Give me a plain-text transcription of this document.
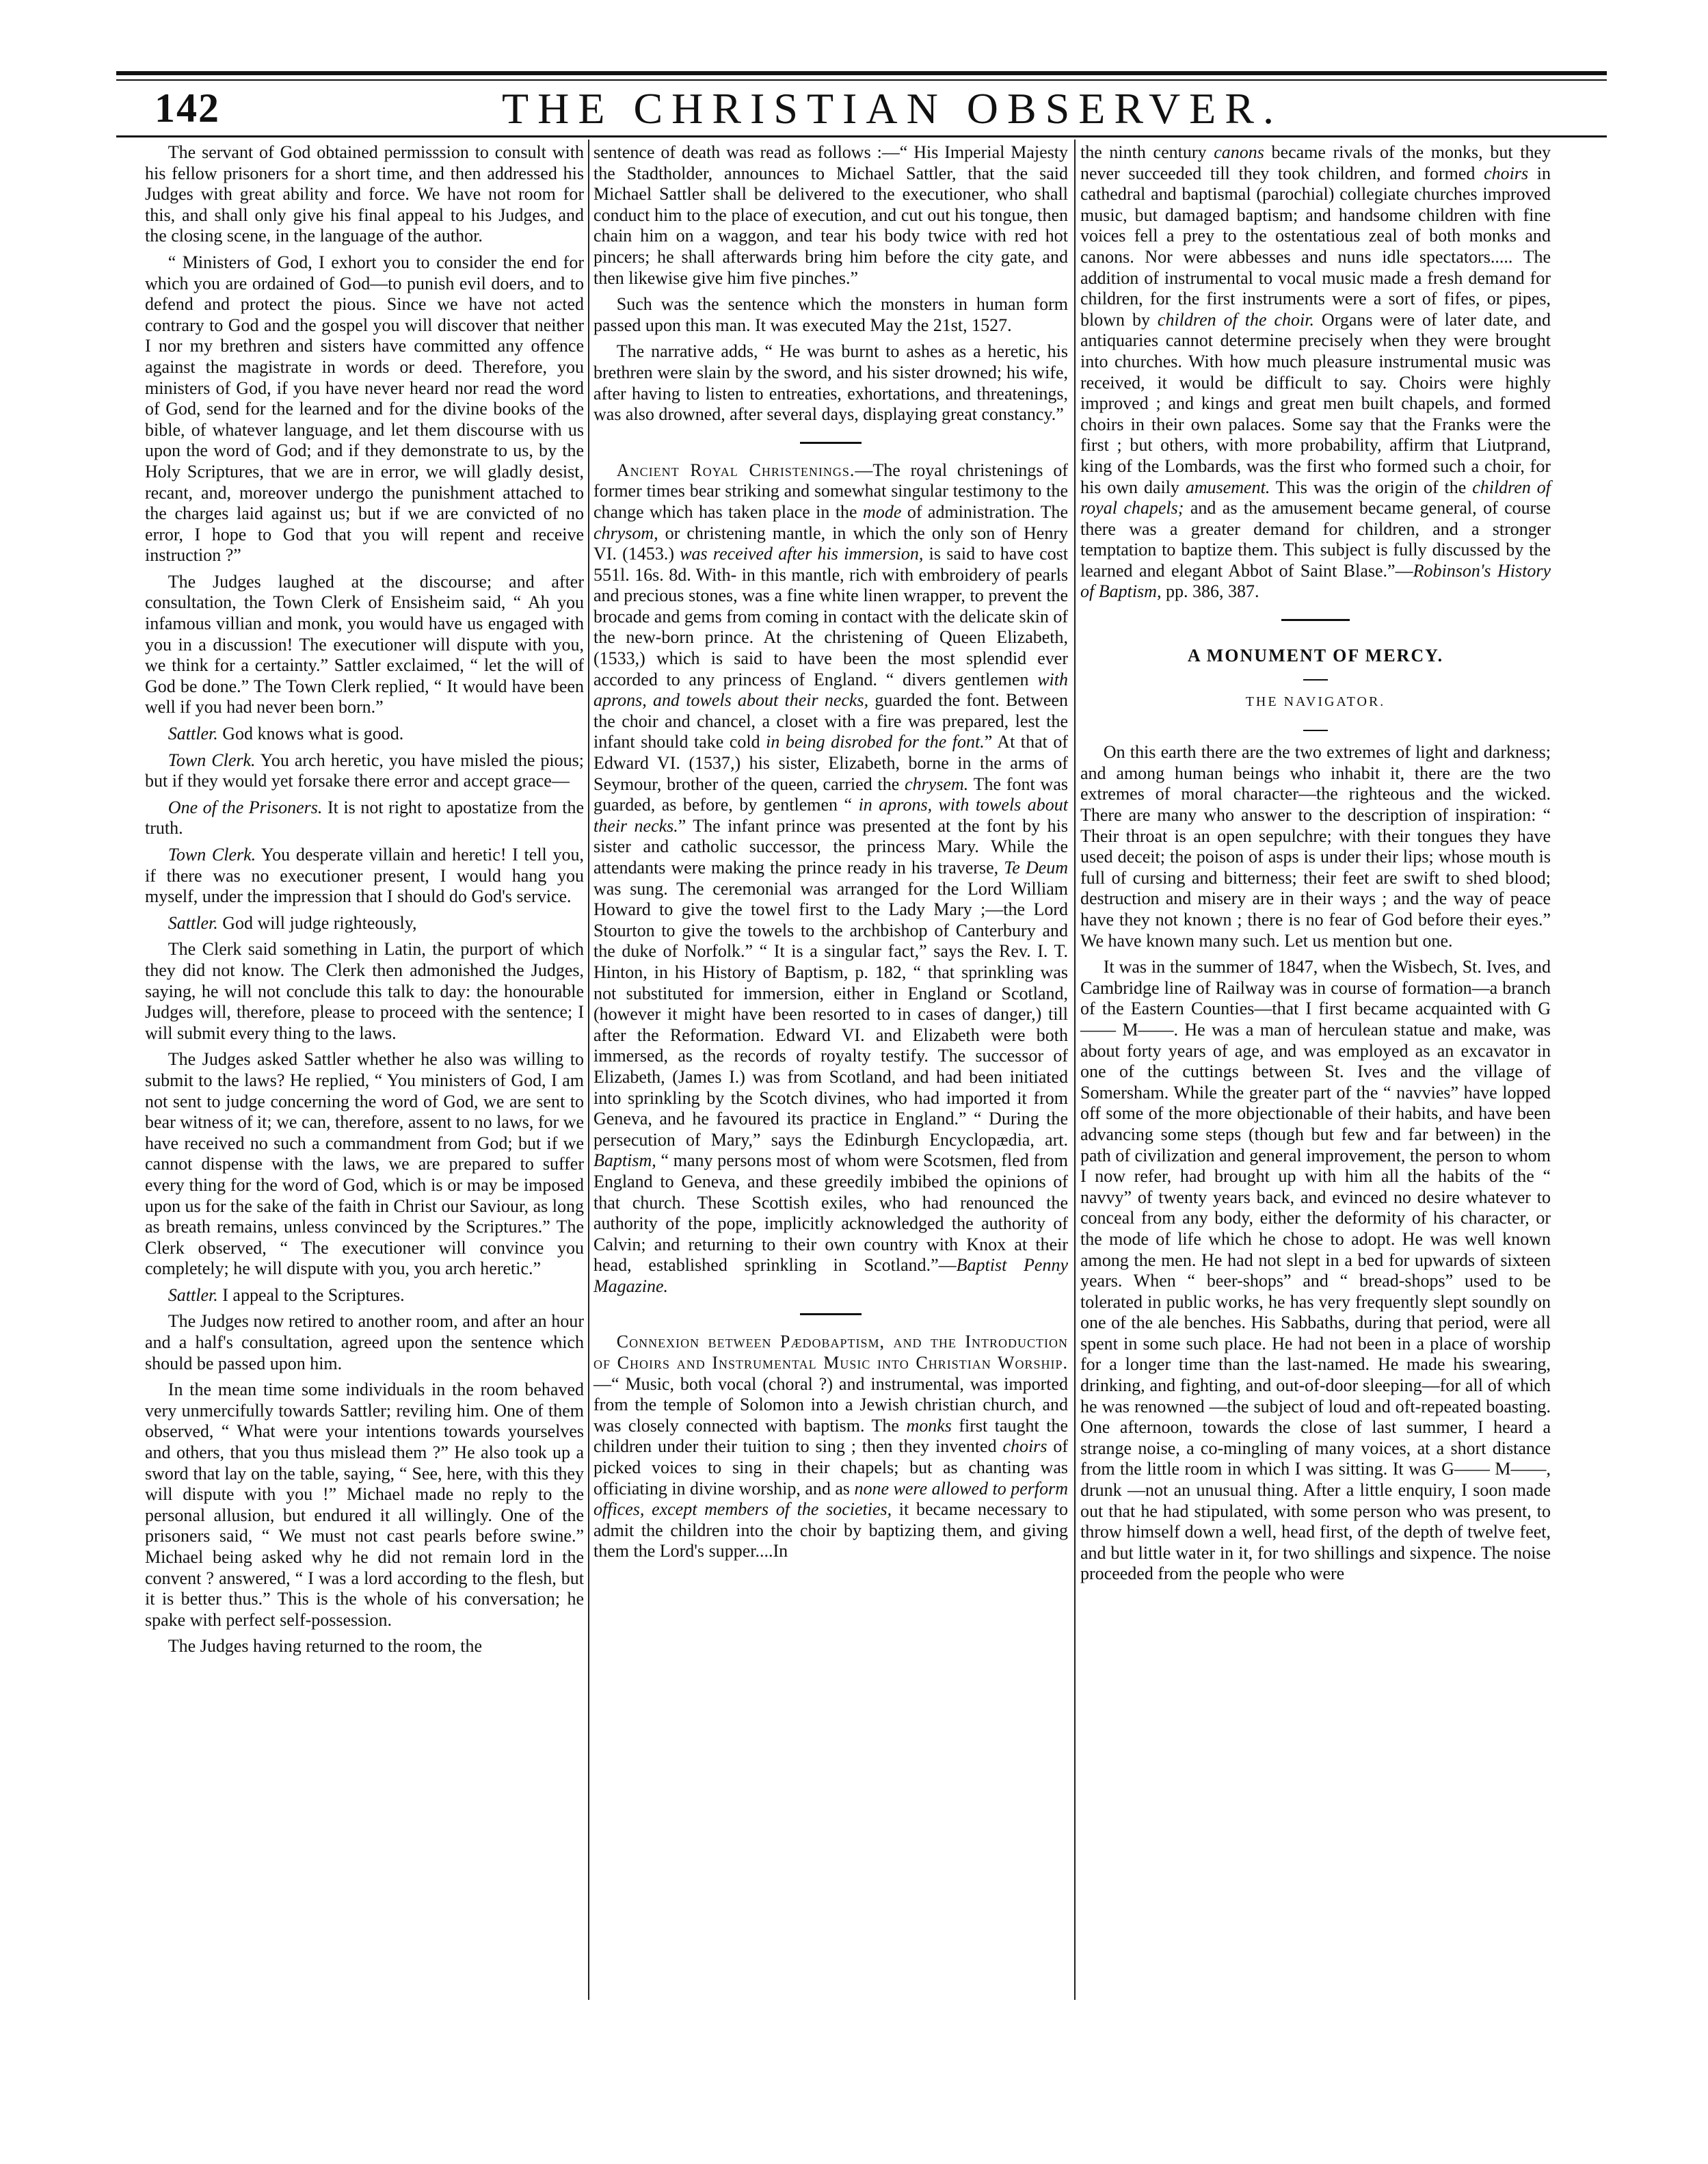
142	THE CHRISTIAN OBSERVER.

The servant of God obtained permisssion to consult with his fellow prisoners for a short time, and then addressed his Judges with great ability and force. We have not room for this, and shall only give his final appeal to his Judges, and the closing scene, in the language of the author.

“ Ministers of God, I exhort you to consider the end for which you are ordained of God—to punish evil doers, and to defend and protect the pious. Since we have not acted contrary to God and the gospel you will discover that neither I nor my brethren and sisters have committed any offence against the magistrate in words or deed. Therefore, you ministers of God, if you have never heard nor read the word of God, send for the learned and for the divine books of the bible, of whatever language, and let them discourse with us upon the word of God; and if they demonstrate to us, by the Holy Scriptures, that we are in error, we will gladly desist, recant, and, moreover undergo the punishment attached to the charges laid against us; but if we are convicted of no error, I hope to God that you will repent and receive instruction ?”

The Judges laughed at the discourse; and after consultation, the Town Clerk of Ensisheim said, “ Ah you infamous villian and monk, you would have us engaged with you in a discussion! The executioner will dispute with you, we think for a certainty.” Sattler exclaimed, “ let the will of God be done.” The Town Clerk replied, “ It would have been well if you had never been born.”

Sattler. God knows what is good.

Town Clerk. You arch heretic, you have misled the pious; but if they would yet forsake there error and accept grace—

One of the Prisoners. It is not right to apostatize from the truth.

Town Clerk. You desperate villain and heretic! I tell you, if there was no executioner present, I would hang you myself, under the impression that I should do God's service.

Sattler. God will judge righteously,

The Clerk said something in Latin, the purport of which they did not know. The Clerk then admonished the Judges, saying, he will not conclude this talk to day: the honourable Judges will, therefore, please to proceed with the sentence; I will submit every thing to the laws.

The Judges asked Sattler whether he also was willing to submit to the laws? He replied, “ You ministers of God, I am not sent to judge concerning the word of God, we are sent to bear witness of it; we can, therefore, assent to no laws, for we have received no such a commandment from God; but if we cannot dispense with the laws, we are prepared to suffer every thing for the word of God, which is or may be imposed upon us for the sake of the faith in Christ our Saviour, as long as breath remains, unless convinced by the Scriptures.” The Clerk observed, “ The executioner will convince you completely; he will dispute with you, you arch heretic.”

Sattler. I appeal to the Scriptures.

The Judges now retired to another room, and after an hour and a half's consultation, agreed upon the sentence which should be passed upon him.

In the mean time some individuals in the room behaved very unmercifully towards Sattler; reviling him. One of them observed, “ What were your intentions towards yourselves and others, that you thus mislead them ?” He also took up a sword that lay on the table, saying, “ See, here, with this they will dispute with you !” Michael made no reply to the personal allusion, but endured it all willingly. One of the prisoners said, “ We must not cast pearls before swine.” Michael being asked why he did not remain lord in the convent ? answered, “ I was a lord according to the flesh, but it is better thus.” This is the whole of his conversation; he spake with perfect self-possession.

The Judges having returned to the room, the

sentence of death was read as follows :—“ His Imperial Majesty the Stadtholder, announces to Michael Sattler, that the said Michael Sattler shall be delivered to the executioner, who shall conduct him to the place of execution, and cut out his tongue, then chain him on a waggon, and tear his body twice with red hot pincers; he shall afterwards bring him before the city gate, and then likewise give him five pinches.”

Such was the sentence which the monsters in human form passed upon this man. It was executed May the 21st, 1527.

The narrative adds, “ He was burnt to ashes as a heretic, his brethren were slain by the sword, and his sister drowned; his wife, after having to listen to entreaties, exhortations, and threatenings, was also drowned, after several days, displaying great constancy.”

Ancient Royal Christenings.—The royal christenings of former times bear striking and somewhat singular testimony to the change which has taken place in the mode of administration. The chrysom, or christening mantle, in which the only son of Henry VI. (1453.) was received after his immersion, is said to have cost 551l. 16s. 8d. With- in this mantle, rich with embroidery of pearls and precious stones, was a fine white linen wrapper, to prevent the brocade and gems from coming in contact with the delicate skin of the new-born prince. At the christening of Queen Elizabeth, (1533,) which is said to have been the most splendid ever accorded to any princess of England. “ divers gentlemen with aprons, and towels about their necks, guarded the font. Between the choir and chancel, a closet with a fire was prepared, lest the infant should take cold in being disrobed for the font.” At that of Edward VI. (1537,) his sister, Elizabeth, borne in the arms of Seymour, brother of the queen, carried the chrysem. The font was guarded, as before, by gentlemen “ in aprons, with towels about their necks.” The infant prince was presented at the font by his sister and catholic successor, the princess Mary. While the attendants were making the prince ready in his traverse, Te Deum was sung. The ceremonial was arranged for the Lord William Howard to give the towel first to the Lady Mary ;—the Lord Stourton to give the towels to the archbishop of Canterbury and the duke of Norfolk.” “ It is a singular fact,” says the Rev. I. T. Hinton, in his History of Baptism, p. 182, “ that sprinkling was not substituted for immersion, either in England or Scotland, (however it might have been resorted to in cases of danger,) till after the Reformation. Edward VI. and Elizabeth were both immersed, as the records of royalty testify. The successor of Elizabeth, (James I.) was from Scotland, and had been initiated into sprinkling by the Scotch divines, who had imported it from Geneva, and he favoured its practice in England.” “ During the persecution of Mary,” says the Edinburgh Encyclopædia, art. Baptism, “ many persons most of whom were Scotsmen, fled from England to Geneva, and these greedily imbibed the opinions of that church. These Scottish exiles, who had renounced the authority of the pope, implicitly acknowledged the authority of Calvin; and returning to their own country with Knox at their head, established sprinkling in Scotland.”—Baptist Penny Magazine.

Connexion between Pædobaptism, and the Introduction of Choirs and Instrumental Music into Christian Worship.—“ Music, both vocal (choral ?) and instrumental, was imported from the temple of Solomon into a Jewish christian church, and was closely connected with baptism. The monks first taught the children under their tuition to sing ; then they invented choirs of picked voices to sing in their chapels; but as chanting was officiating in divine worship, and as none were allowed to perform offices, except members of the societies, it became necessary to admit the children into the choir by baptizing them, and giving them the Lord's supper....In

the ninth century canons became rivals of the monks, but they never succeeded till they took children, and formed choirs in cathedral and baptismal (parochial) collegiate churches improved music, but damaged baptism; and handsome children with fine voices fell a prey to the ostentatious zeal of both monks and canons. Nor were abbesses and nuns idle spectators..... The addition of instrumental to vocal music made a fresh demand for children, for the first instruments were a sort of fifes, or pipes, blown by children of the choir. Organs were of later date, and antiquaries cannot determine precisely when they were brought into churches. With how much pleasure instrumental music was received, it would be difficult to say. Choirs were highly improved ; and kings and great men built chapels, and formed choirs in their own palaces. Some say that the Franks were the first ; but others, with more probability, affirm that Liutprand, king of the Lombards, was the first who formed such a choir, for his own daily amusement. This was the origin of the children of royal chapels; and as the amusement became general, of course there was a greater demand for children, and a stronger temptation to baptize them. This subject is fully discussed by the learned and elegant Abbot of Saint Blase.”—Robinson's History of Baptism, pp. 386, 387.

A MONUMENT OF MERCY.
THE NAVIGATOR.

On this earth there are the two extremes of light and darkness; and among human beings who inhabit it, there are the two extremes of moral character—the righteous and the wicked. There are many who answer to the description of inspiration: “ Their throat is an open sepulchre; with their tongues they have used deceit; the poison of asps is under their lips; whose mouth is full of cursing and bitterness; their feet are swift to shed blood; destruction and misery are in their ways ; and the way of peace have they not known ; there is no fear of God before their eyes.” We have known many such. Let us mention but one.

It was in the summer of 1847, when the Wisbech, St. Ives, and Cambridge line of Railway was in course of formation—a branch of the Eastern Counties—that I first became acquainted with G—— M——. He was a man of herculean statue and make, was about forty years of age, and was employed as an excavator in one of the cuttings between St. Ives and the village of Somersham. While the greater part of the “ navvies” have lopped off some of the more objectionable of their habits, and have been advancing some steps (though but few and far between) in the path of civilization and general improvement, the person to whom I now refer, had brought up with him all the habits of the “ navvy” of twenty years back, and evinced no desire whatever to conceal from any body, either the deformity of his character, or the mode of life which he chose to adopt. He was well known among the men. He had not slept in a bed for upwards of sixteen years. When “ beer-shops” and “ bread-shops” used to be tolerated in public works, he has very frequently slept soundly on one of the ale benches. His Sabbaths, during that period, were all spent in some such place. He had not been in a place of worship for a longer time than the last-named. He made his swearing, drinking, and fighting, and out-of-door sleeping—for all of which he was renowned —the subject of loud and oft-repeated boasting. One afternoon, towards the close of last summer, I heard a strange noise, a co-mingling of many voices, at a short distance from the little room in which I was sitting. It was G—— M——, drunk —not an unusual thing. After a little enquiry, I soon made out that he had stipulated, with some person who was present, to throw himself down a well, head first, of the depth of twelve feet, and but little water in it, for two shillings and sixpence. The noise proceeded from the people who were
